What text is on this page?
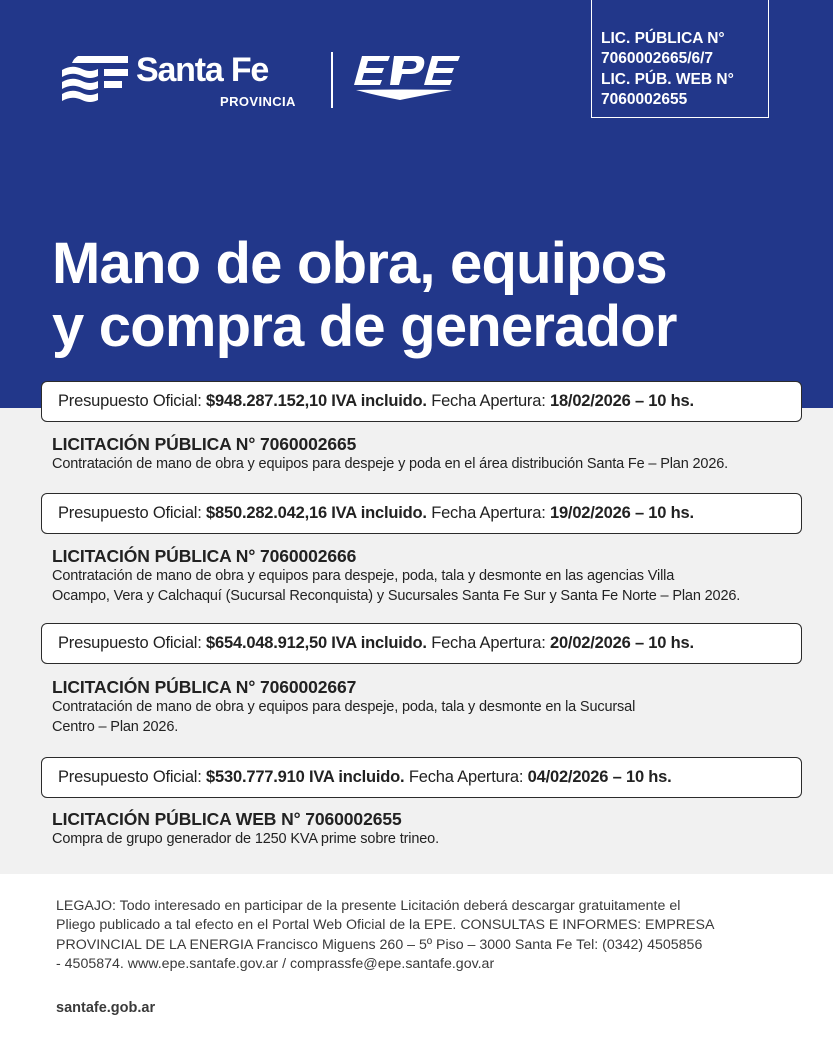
Santa Fe
PROVINCIA
LIC. PÚBLICA N°
7060002665/6/7
LIC. PÚB. WEB N°
7060002655
Mano de obra, equipos
y compra de generador
Presupuesto Oficial: $948.287.152,10 IVA incluido. Fecha Apertura: 18/02/2026 – 10 hs.
LICITACIÓN PÚBLICA N° 7060002665
Contratación de mano de obra y equipos para despeje y poda en el área distribución Santa Fe – Plan 2026.
Presupuesto Oficial: $850.282.042,16 IVA incluido. Fecha Apertura: 19/02/2026 – 10 hs.
LICITACIÓN PÚBLICA N° 7060002666
Contratación de mano de obra y equipos para despeje, poda, tala y desmonte en las agencias Villa
Ocampo, Vera y Calchaquí (Sucursal Reconquista) y Sucursales Santa Fe Sur y Santa Fe Norte – Plan 2026.
Presupuesto Oficial: $654.048.912,50 IVA incluido. Fecha Apertura: 20/02/2026 – 10 hs.
LICITACIÓN PÚBLICA N° 7060002667
Contratación de mano de obra y equipos para despeje, poda, tala y desmonte en la Sucursal
Centro – Plan 2026.
Presupuesto Oficial: $530.777.910 IVA incluido. Fecha Apertura: 04/02/2026 – 10 hs.
LICITACIÓN PÚBLICA WEB N° 7060002655
Compra de grupo generador de 1250 KVA prime sobre trineo.
LEGAJO: Todo interesado en participar de la presente Licitación deberá descargar gratuitamente el
Pliego publicado a tal efecto en el Portal Web Oficial de la EPE. CONSULTAS E INFORMES: EMPRESA
PROVINCIAL DE LA ENERGIA Francisco Miguens 260 – 5º Piso – 3000 Santa Fe Tel: (0342) 4505856
- 4505874. www.epe.santafe.gov.ar / comprassfe@epe.santafe.gov.ar
santafe.gob.ar
